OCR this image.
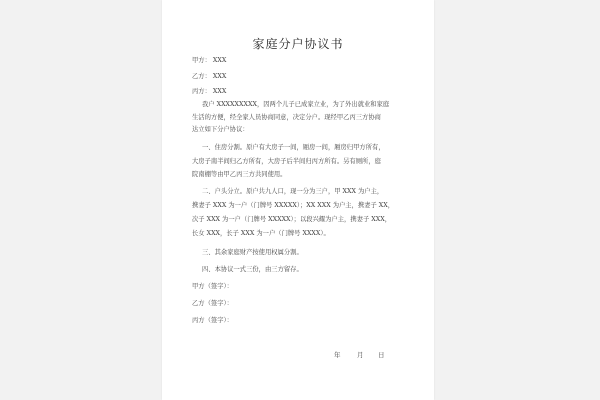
家庭分户协议书
甲方： XXX
乙方： XXX
丙方： XXX
我户 XXXXXXXXX，因两个儿子已成家立业，为了外出就业和家庭
生活的方便，经全家人员协商同意，决定分户。现经甲乙丙三方协商
达立如下分户协议：
一、住房分割。原户有大房子一间，厢房一间，厢房归甲方所有，
大房子南半间归乙方所有，大房子后半间归丙方所有。另有厕所，庭
院南棚等由甲乙丙三方共同使用。
二、户头分立。原户共九人口，现一分为三户，甲 XXX 为户主，
携妻子 XXX 为一户（门牌号 XXXXX）；XX XXX 为户主，携妻子 XX，
次子 XXX 为一户（门牌号 XXXXX）；以段兴耀为户主，携妻子 XXX，
长女 XXX，长子 XXX 为一户（门牌号 XXXX）。
三、其余家庭财产按使用权属分割。
四、本协议一式三份，由三方留存。
甲方（签字）：
乙方（签字）：
丙方（签字）：
年	月 日
